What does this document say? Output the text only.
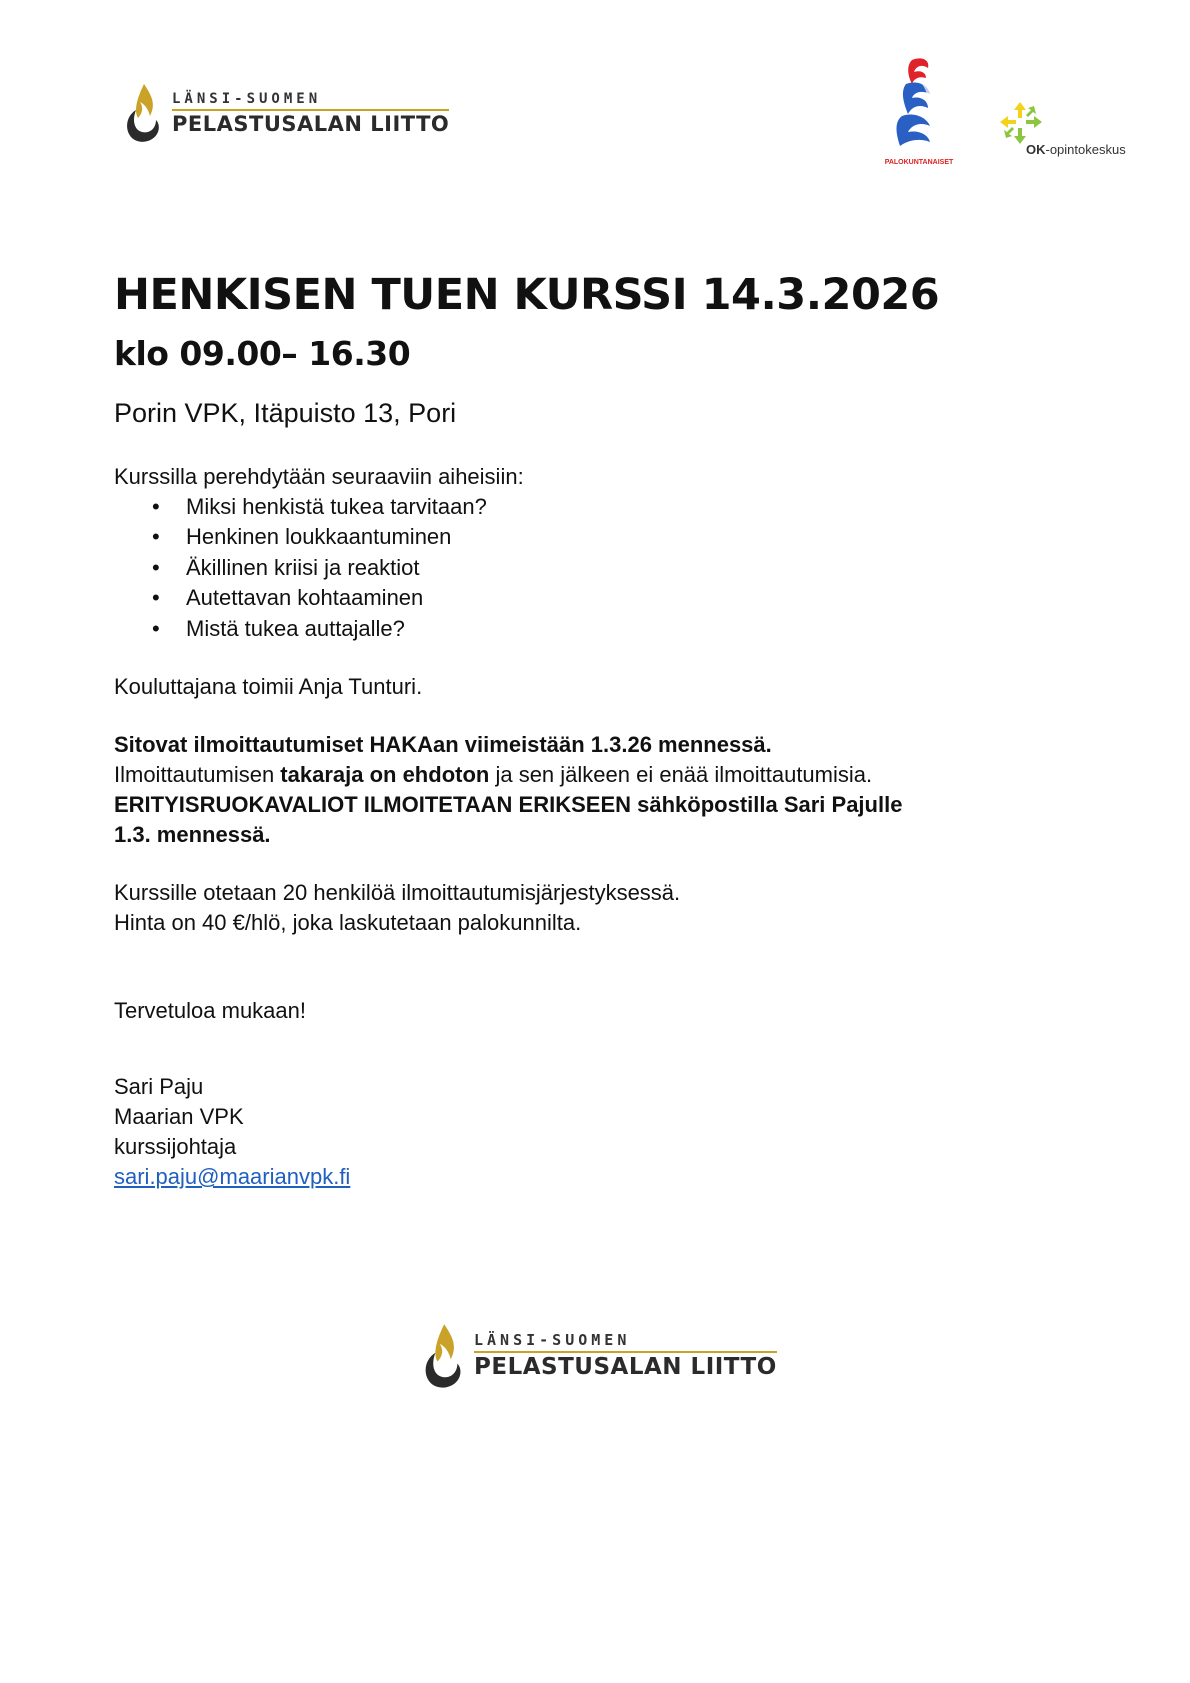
LÄNSI-SUOMEN
PELASTUSALAN LIITTO
PALOKUNTANAISET
OK-opintokeskus
HENKISEN TUEN KURSSI 14.3.2026
klo 09.00– 16.30
Porin VPK, Itäpuisto 13, Pori

Kurssilla perehdytään seuraaviin aiheisiin:

• Miksi henkistä tukea tarvitaan?
• Henkinen loukkaantuminen
• Äkillinen kriisi ja reaktiot
• Autettavan kohtaaminen
• Mistä tukea auttajalle?

Kouluttajana toimii Anja Tunturi.

Sitovat ilmoittautumiset HAKAan viimeistään 1.3.26 mennessä.

Ilmoittautumisen takaraja on ehdoton ja sen jälkeen ei enää ilmoittautumisia.

ERITYISRUOKAVALIOT ILMOITETAAN ERIKSEEN sähköpostilla Sari Pajulle

1.3. mennessä.

Kurssille otetaan 20 henkilöä ilmoittautumisjärjestyksessä.

Hinta on 40 €/hlö, joka laskutetaan palokunnilta.

Tervetuloa mukaan!

Sari Paju

Maarian VPK

kurssijohtaja

sari.paju@maarianvpk.fi

LÄNSI-SUOMEN
PELASTUSALAN LIITTO
